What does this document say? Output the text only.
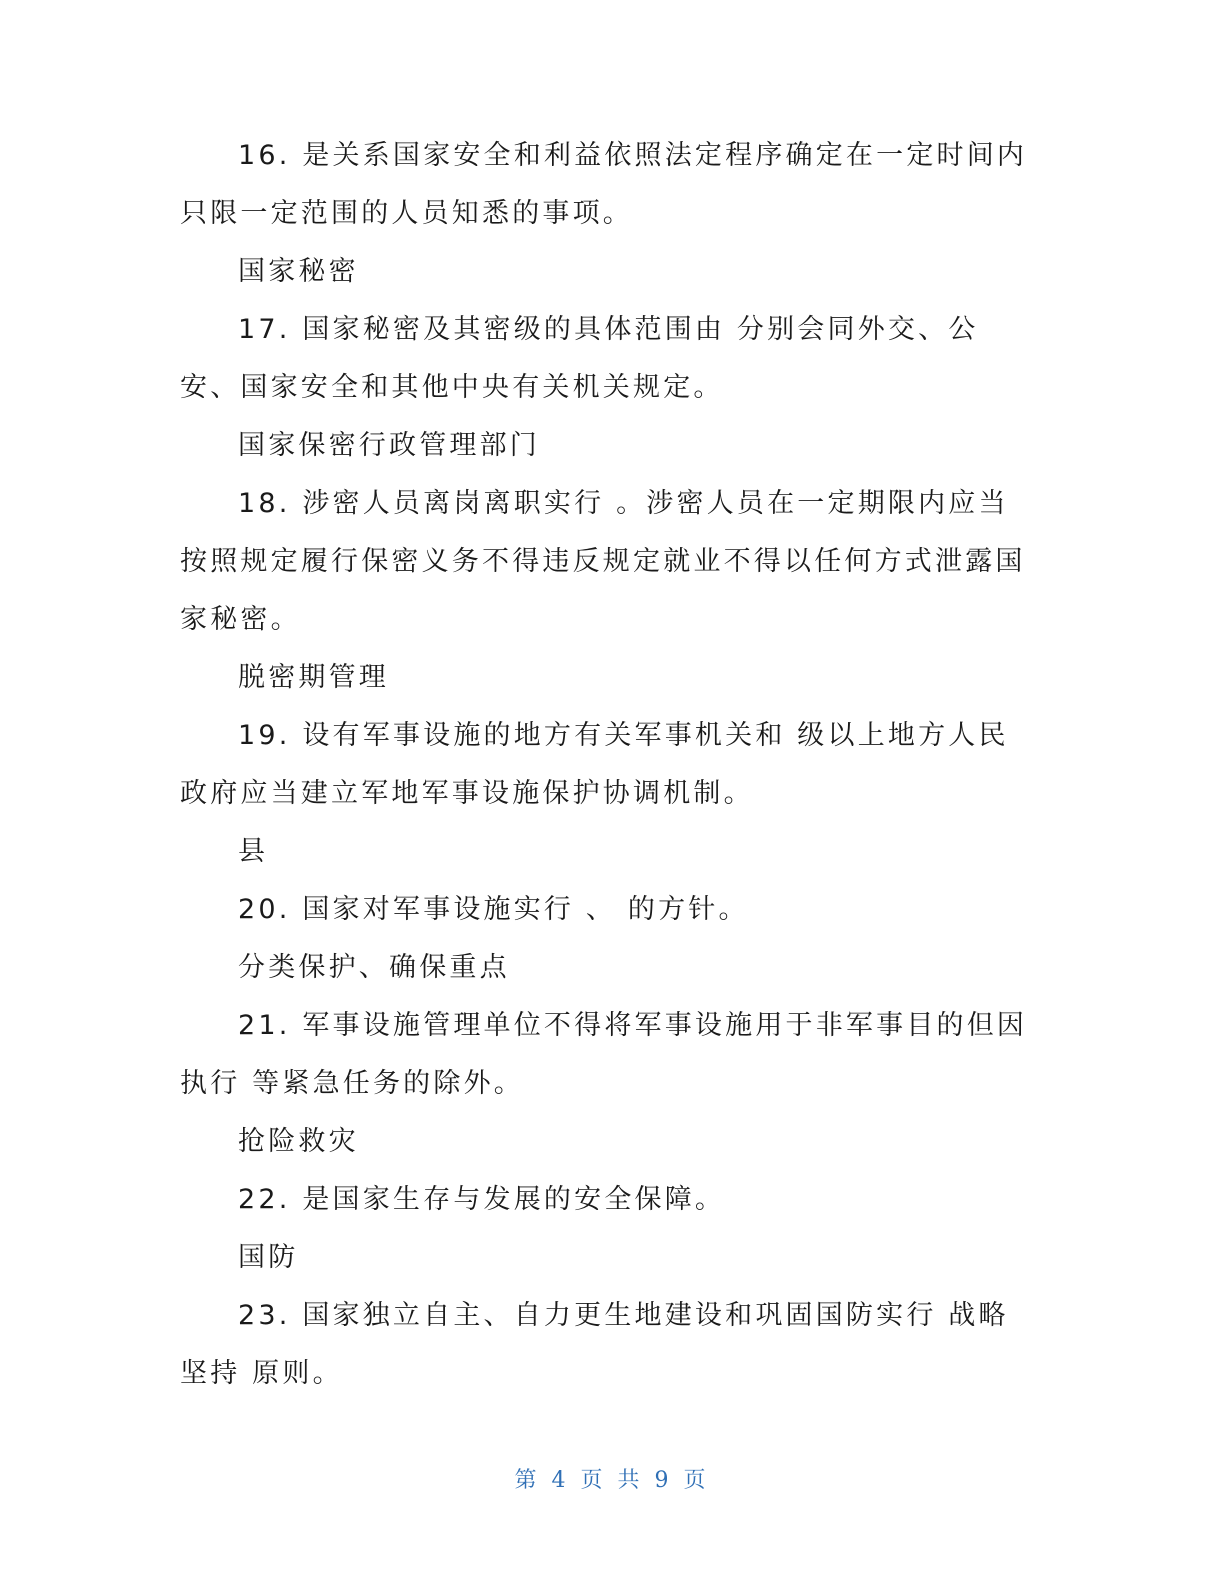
16. 是关系国家安全和利益依照法定程序确定在一定时间内只限一定范围的人员知悉的事项。

国家秘密

17. 国家秘密及其密级的具体范围由 分别会同外交、公安、国家安全和其他中央有关机关规定。

国家保密行政管理部门

18. 涉密人员离岗离职实行 。涉密人员在一定期限内应当按照规定履行保密义务不得违反规定就业不得以任何方式泄露国家秘密。

脱密期管理

19. 设有军事设施的地方有关军事机关和 级以上地方人民政府应当建立军地军事设施保护协调机制。

县

20. 国家对军事设施实行 、 的方针。

分类保护、确保重点

21. 军事设施管理单位不得将军事设施用于非军事目的但因执行 等紧急任务的除外。

抢险救灾

22. 是国家生存与发展的安全保障。

国防

23. 国家独立自主、自力更生地建设和巩固国防实行 战略坚持 原则。

第 4 页 共 9 页
